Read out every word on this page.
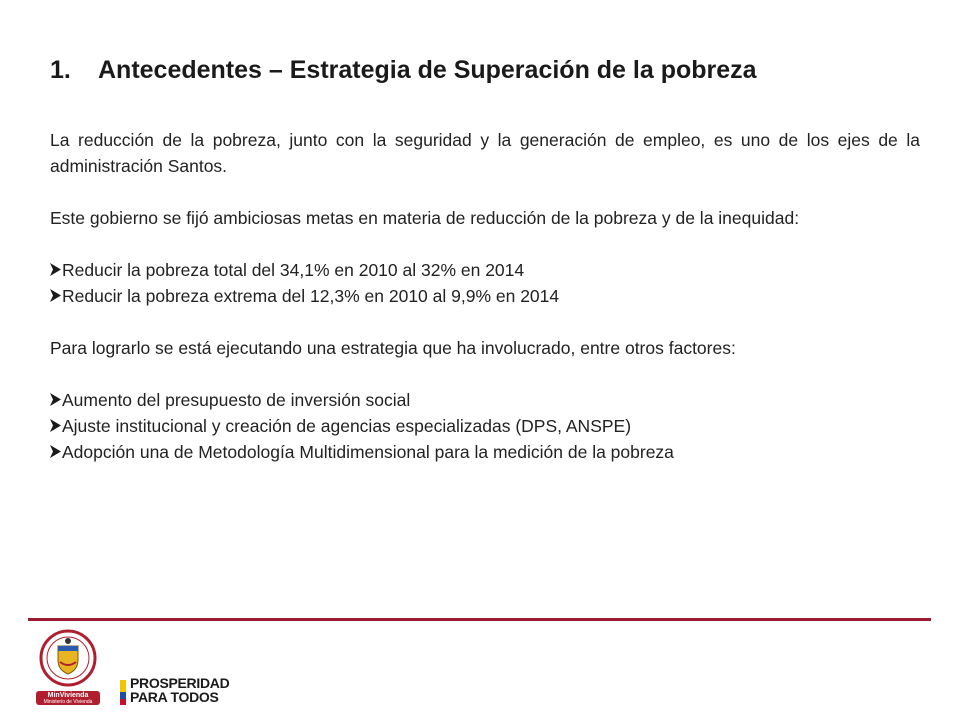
1. Antecedentes – Estrategia de Superación de la pobreza

La reducción de la pobreza, junto con la seguridad y la generación de empleo, es uno de los ejes de la administración Santos.

Este gobierno se fijó ambiciosas metas en materia de reducción de la pobreza y de la inequidad:

Reducir la pobreza total del 34,1% en 2010 al 32% en 2014
Reducir la pobreza extrema del 12,3% en 2010 al 9,9% en 2014

Para lograrlo se está ejecutando una estrategia que ha involucrado, entre otros factores:

Aumento del presupuesto de inversión social
Ajuste institucional y creación de agencias especializadas (DPS, ANSPE)
Adopción una de Metodología Multidimensional para la medición de la pobreza
MinVivienda
Ministerio de Vivienda
PROSPERIDAD
PARA TODOS
